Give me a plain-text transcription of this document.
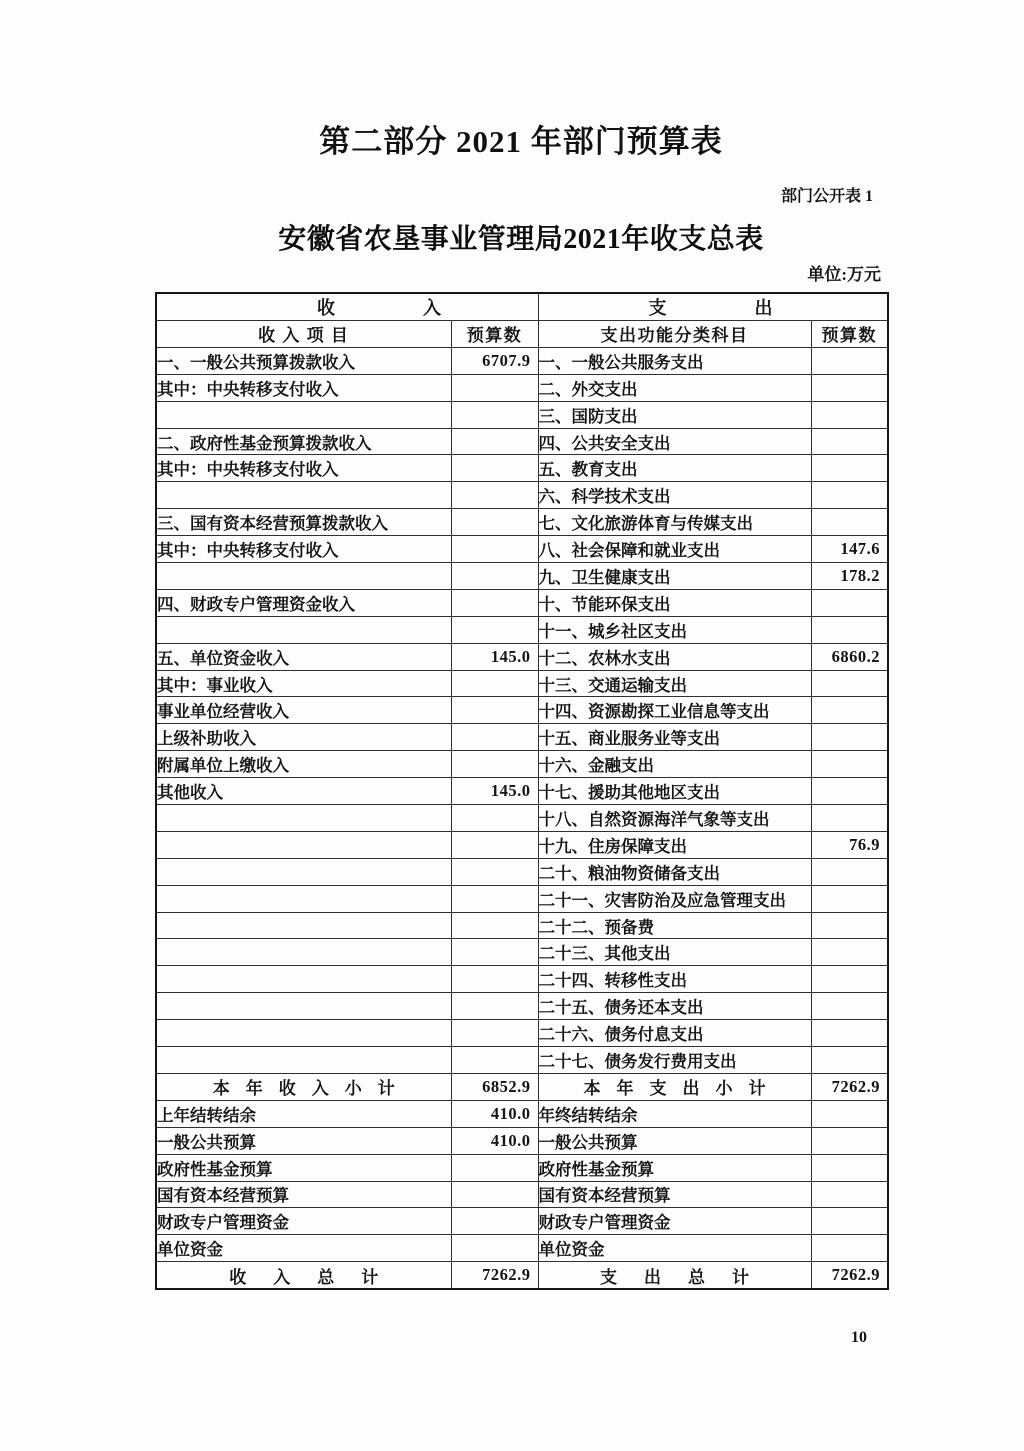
第二部分 2021 年部门预算表
部门公开表 1
安徽省农垦事业管理局2021年收支总表
单位:万元
收入		支出	
收 入 项 目	预算数	支出功能分类科目	预算数
一、一般公共预算拨款收入	6707.9	一、一般公共服务支出	
其中：中央转移支付收入		二、外交支出	
		三、国防支出	
二、政府性基金预算拨款收入		四、公共安全支出	
其中：中央转移支付收入		五、教育支出	
		六、科学技术支出	
三、国有资本经营预算拨款收入		七、文化旅游体育与传媒支出	
其中：中央转移支付收入		八、社会保障和就业支出	147.6
		九、卫生健康支出	178.2
四、财政专户管理资金收入		十、节能环保支出	
		十一、城乡社区支出	
五、单位资金收入	145.0	十二、农林水支出	6860.2
其中：事业收入		十三、交通运输支出	
事业单位经营收入		十四、资源勘探工业信息等支出	
上级补助收入		十五、商业服务业等支出	
附属单位上缴收入		十六、金融支出	
其他收入	145.0	十七、援助其他地区支出	
		十八、自然资源海洋气象等支出	
		十九、住房保障支出	76.9
		二十、粮油物资储备支出	
		二十一、灾害防治及应急管理支出	
		二十二、预备费	
		二十三、其他支出	
		二十四、转移性支出	
		二十五、债务还本支出	
		二十六、债务付息支出	
		二十七、债务发行费用支出	
本年收入小计	6852.9	本年支出小计	7262.9
上年结转结余	410.0	年终结转结余	
一般公共预算	410.0	一般公共预算	
政府性基金预算		政府性基金预算	
国有资本经营预算		国有资本经营预算	
财政专户管理资金		财政专户管理资金	
单位资金		单位资金	
收入总计	7262.9	支出总计	7262.9
10
